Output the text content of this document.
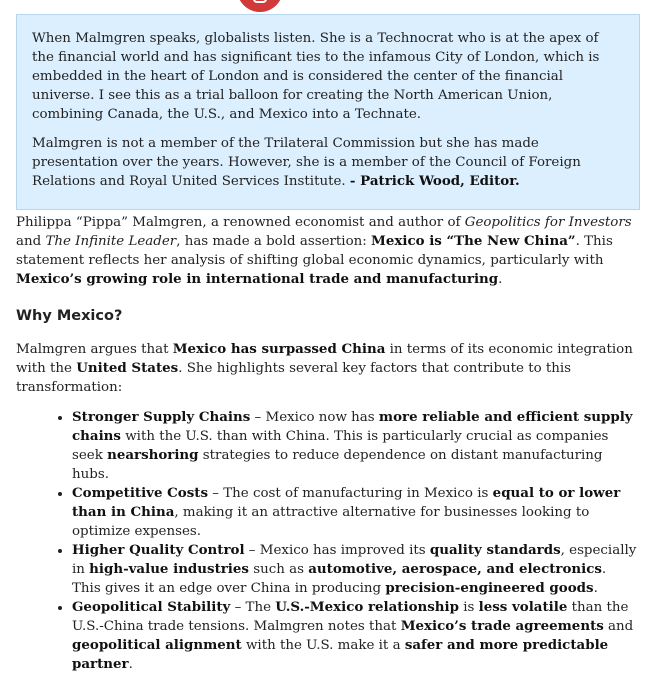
When Malmgren speaks, globalists listen. She is a Technocrat who is at the apex of the financial world and has significant ties to the infamous City of London, which is embedded in the heart of London and is considered the center of the financial universe. I see this as a trial balloon for creating the North American Union, combining Canada, the U.S., and Mexico into a Technate.

Malmgren is not a member of the Trilateral Commission but she has made presentation over the years. However, she is a member of the Council of Foreign Relations and Royal United Services Institute. - Patrick Wood, Editor.

Philippa “Pippa” Malmgren, a renowned economist and author of Geopolitics for Investors and The Infinite Leader, has made a bold assertion: Mexico is “The New China”. This statement reflects her analysis of shifting global economic dynamics, particularly with Mexico’s growing role in international trade and manufacturing.

Why Mexico?

Malmgren argues that Mexico has surpassed China in terms of its economic integration with the United States. She highlights several key factors that contribute to this transformation:

• Stronger Supply Chains – Mexico now has more reliable and efficient supply chains with the U.S. than with China. This is particularly crucial as companies seek nearshoring strategies to reduce dependence on distant manufacturing hubs.
• Competitive Costs – The cost of manufacturing in Mexico is equal to or lower than in China, making it an attractive alternative for businesses looking to optimize expenses.
• Higher Quality Control – Mexico has improved its quality standards, especially in high-value industries such as automotive, aerospace, and electronics. This gives it an edge over China in producing precision-engineered goods.
• Geopolitical Stability – The U.S.-Mexico relationship is less volatile than the U.S.-China trade tensions. Malmgren notes that Mexico’s trade agreements and geopolitical alignment with the U.S. make it a safer and more predictable partner.
